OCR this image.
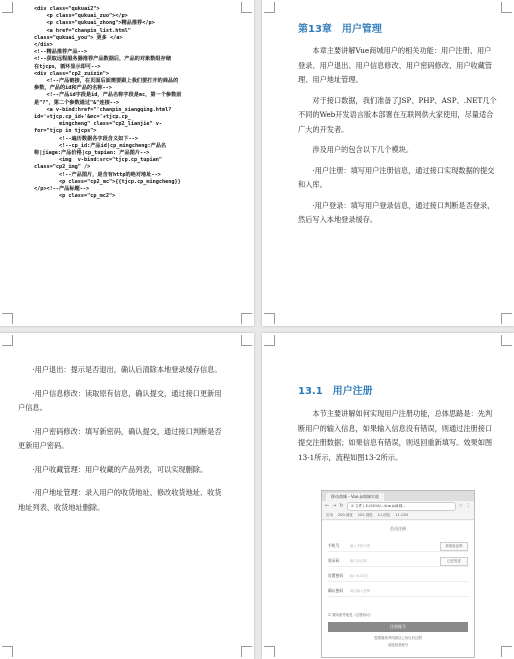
<div class="qukuai2">
<p class="qukuai_zuo"></p>
<p class="qukuai_zhong">精品推荐</p>
<a href="chanpin_list.html"
class="qukuai_you"> 更多 </a>
</div>
<!--精品推荐产品-->
<!--获取远程服务器推荐产品数据后，产品的对象数组存储
在tjcps，循环显示即可-->
<div class="cp2_zuixin">
<!--产品链接，在页面后面需要跟上我们要打开的商品的
参数，产品的id和产品的名称-->
<!--产品id字段是id，产品名称字段是mc，第一个参数前
是"?"，第二个参数通过"&"连接-->
<a v-bind:href="'chanpin_xiangqing.html?
id='+tjcp.cp_id+'&mc='+tjcp.cp_
mingcheng" class="cp2_lianjie" v-
for="tjcp in tjcps">
<!--遍历数据各字段含义如下-->
<!--cp_id:产品id|cp_mingcheng:产品名
称|jiage:产品价格|cp_tupian: 产品图片-->
<img  v-bind:src="tjcp.cp_tupian"
class="cp2_img" />
<!--产品图片，是含有http的绝对地址-->
<p class="cp2_mc">{{tjcp.cp_mingcheng}}
</p><!--产品标题-->
<p class="cp_mc2">
第13章　用户管理

本章主要讲解Vue商城用户的相关功能：用户注册、用户登录、用户退出、用户信息修改、用户密码修改、用户收藏管理、用户地址管理。

对于接口数据，我们准备了JSP、PHP、ASP、.NET几个不同的Web开发语言版本部署在互联网供大家使用，尽量适合广大的开发者。

涉及用户的包含以下几个模块。

·用户注册：填写用户注册信息，通过接口实现数据的提交和入库。

·用户登录：填写用户登录信息，通过接口判断是否登录，然后写入本地登录缓存。

·用户退出：提示是否退出，确认后清除本地登录缓存信息。

·用户信息修改：读取原有信息，确认提交，通过接口更新用户信息。

·用户密码修改：填写新密码，确认提交，通过接口判断是否更新用户密码。

·用户收藏管理：用户收藏的产品列表，可以实现删除。

·用户地址管理：录入用户的收货地址、修改收货地址、收货地址列表、收货地址删除。

13.1　用户注册

本节主要讲解如何实现用户注册功能，总体思路是：先判断用户的输入信息，如果输入信息没有错误，则通过注册接口提交注册数据；如果信息有错误，则返回重新填写。效果如图13-1所示，流程如图13-2所示。

移动商城 - Vue.js商城实战
← → ↻	① 文件 | E:/2019/...Vue.js商城...	☆ ⋮
应用 200.浏览 202.浏览 11.浏览 11-12D
会员注册
手机号	输入手机号码	获取验证码
验证码	输入验证码	已经发送
设置密码	输入6-20位
确认密码	再次输入密码
☑ 我同意并接受《注册协议》
注册账号
您需阅读并同意以上协议后注册
直接登录账号
